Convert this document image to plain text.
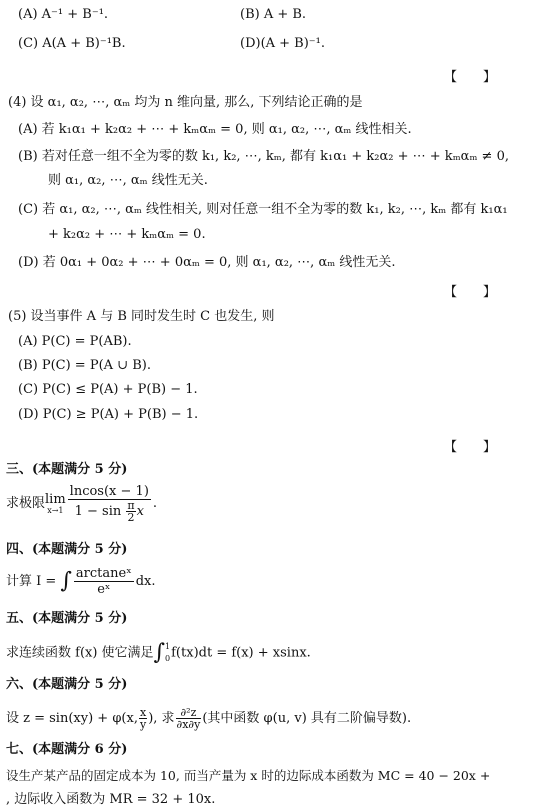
(A) A⁻¹ + B⁻¹.	(B) A + B.
(C) A(A + B)⁻¹B.	(D)(A + B)⁻¹.
【　　】
(4) 设 α₁, α₂, ⋯, αₘ 均为 n 维向量, 那么, 下列结论正确的是
(A) 若 k₁α₁ + k₂α₂ + ⋯ + kₘαₘ = 0, 则 α₁, α₂, ⋯, αₘ 线性相关.
(B) 若对任意一组不全为零的数 k₁, k₂, ⋯, kₘ, 都有 k₁α₁ + k₂α₂ + ⋯ + kₘαₘ ≠ 0,
则 α₁, α₂, ⋯, αₘ 线性无关.
(C) 若 α₁, α₂, ⋯, αₘ 线性相关, 则对任意一组不全为零的数 k₁, k₂, ⋯, kₘ 都有 k₁α₁
+ k₂α₂ + ⋯ + kₘαₘ = 0.
(D) 若 0α₁ + 0α₂ + ⋯ + 0αₘ = 0, 则 α₁, α₂, ⋯, αₘ 线性无关.
【　　】
(5) 设当事件 A 与 B 同时发生时 C 也发生, 则
(A) P(C) = P(AB).
(B) P(C) = P(A ∪ B).
(C) P(C) ≤ P(A) + P(B) − 1.
(D) P(C) ≥ P(A) + P(B) − 1.
【　　】
三、(本题满分 5 分)
求极限lim
$x\to 1 \frac{lncos(x - 1)}{1 - \sin \frac{\pi}{2} x}$ .
四、(本题满分 5 分)
计算 I = ∫ $\frac{\text{arctaneˣ}}{\text{eˣ}}$ dx.
五、(本题满分 5 分)
求连续函数 f(x) 使它满足∫ 1
0 f(tx)dt = f(x) + xsinx.
六、(本题满分 5 分)
设 z = sin(xy) + φ(x, $\frac{x}{y}$ ), 求 $\frac{\text{∂²z}}{\partial x\partial y}$ (其中函数 φ(u, v) 具有二阶偏导数).
七、(本题满分 6 分)
设生产某产品的固定成本为 10, 而当产量为 x 时的边际成本函数为 MC = 40 − 20x +
, 边际收入函数为 MR = 32 + 10x.
